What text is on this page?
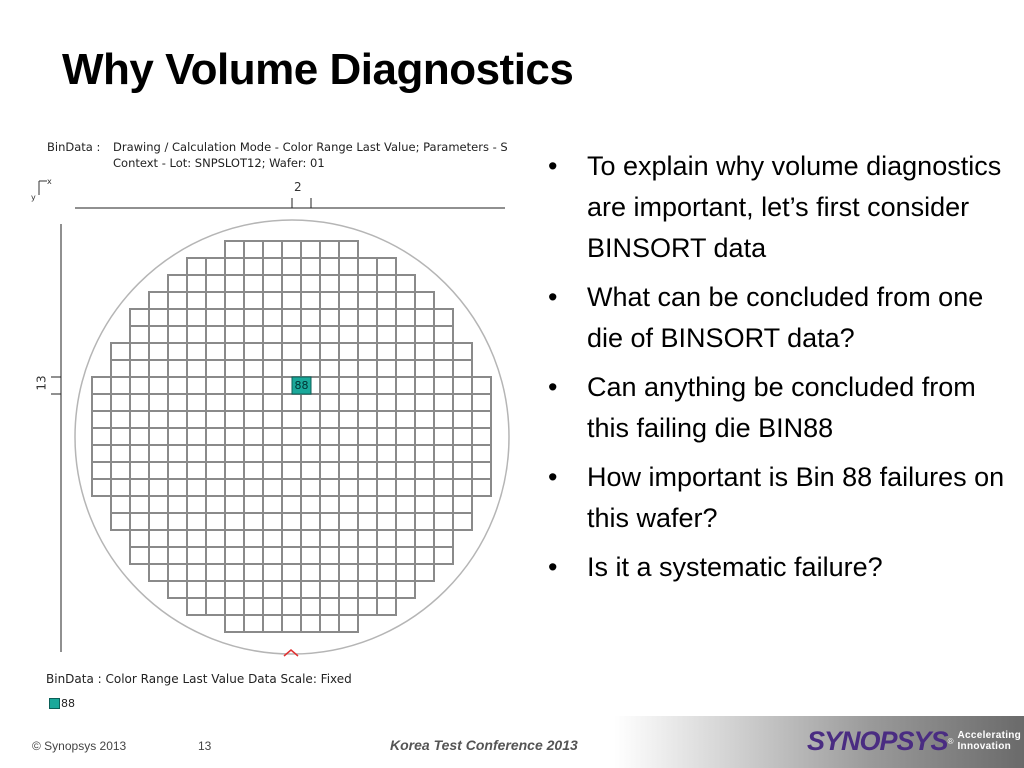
Why Volume Diagnostics
BinData : Drawing / Calculation Mode - Color Range Last Value; Parameters - S
Context - Lot: SNPSLOT12; Wafer: 01
x
y
2
13	88
BinData : Color Range Last Value Data Scale: Fixed
88
• To explain why volume diagnostics are important, let’s first consider BINSORT data
• What can be concluded from one die of BINSORT data?
• Can anything be concluded from this failing die BIN88
• How important is Bin 88 failures on this wafer?
• Is it a systematic failure?
© Synopsys 2013	13	Korea Test Conference 2013	SYNOPSYS ® Accelerating
Innovation
